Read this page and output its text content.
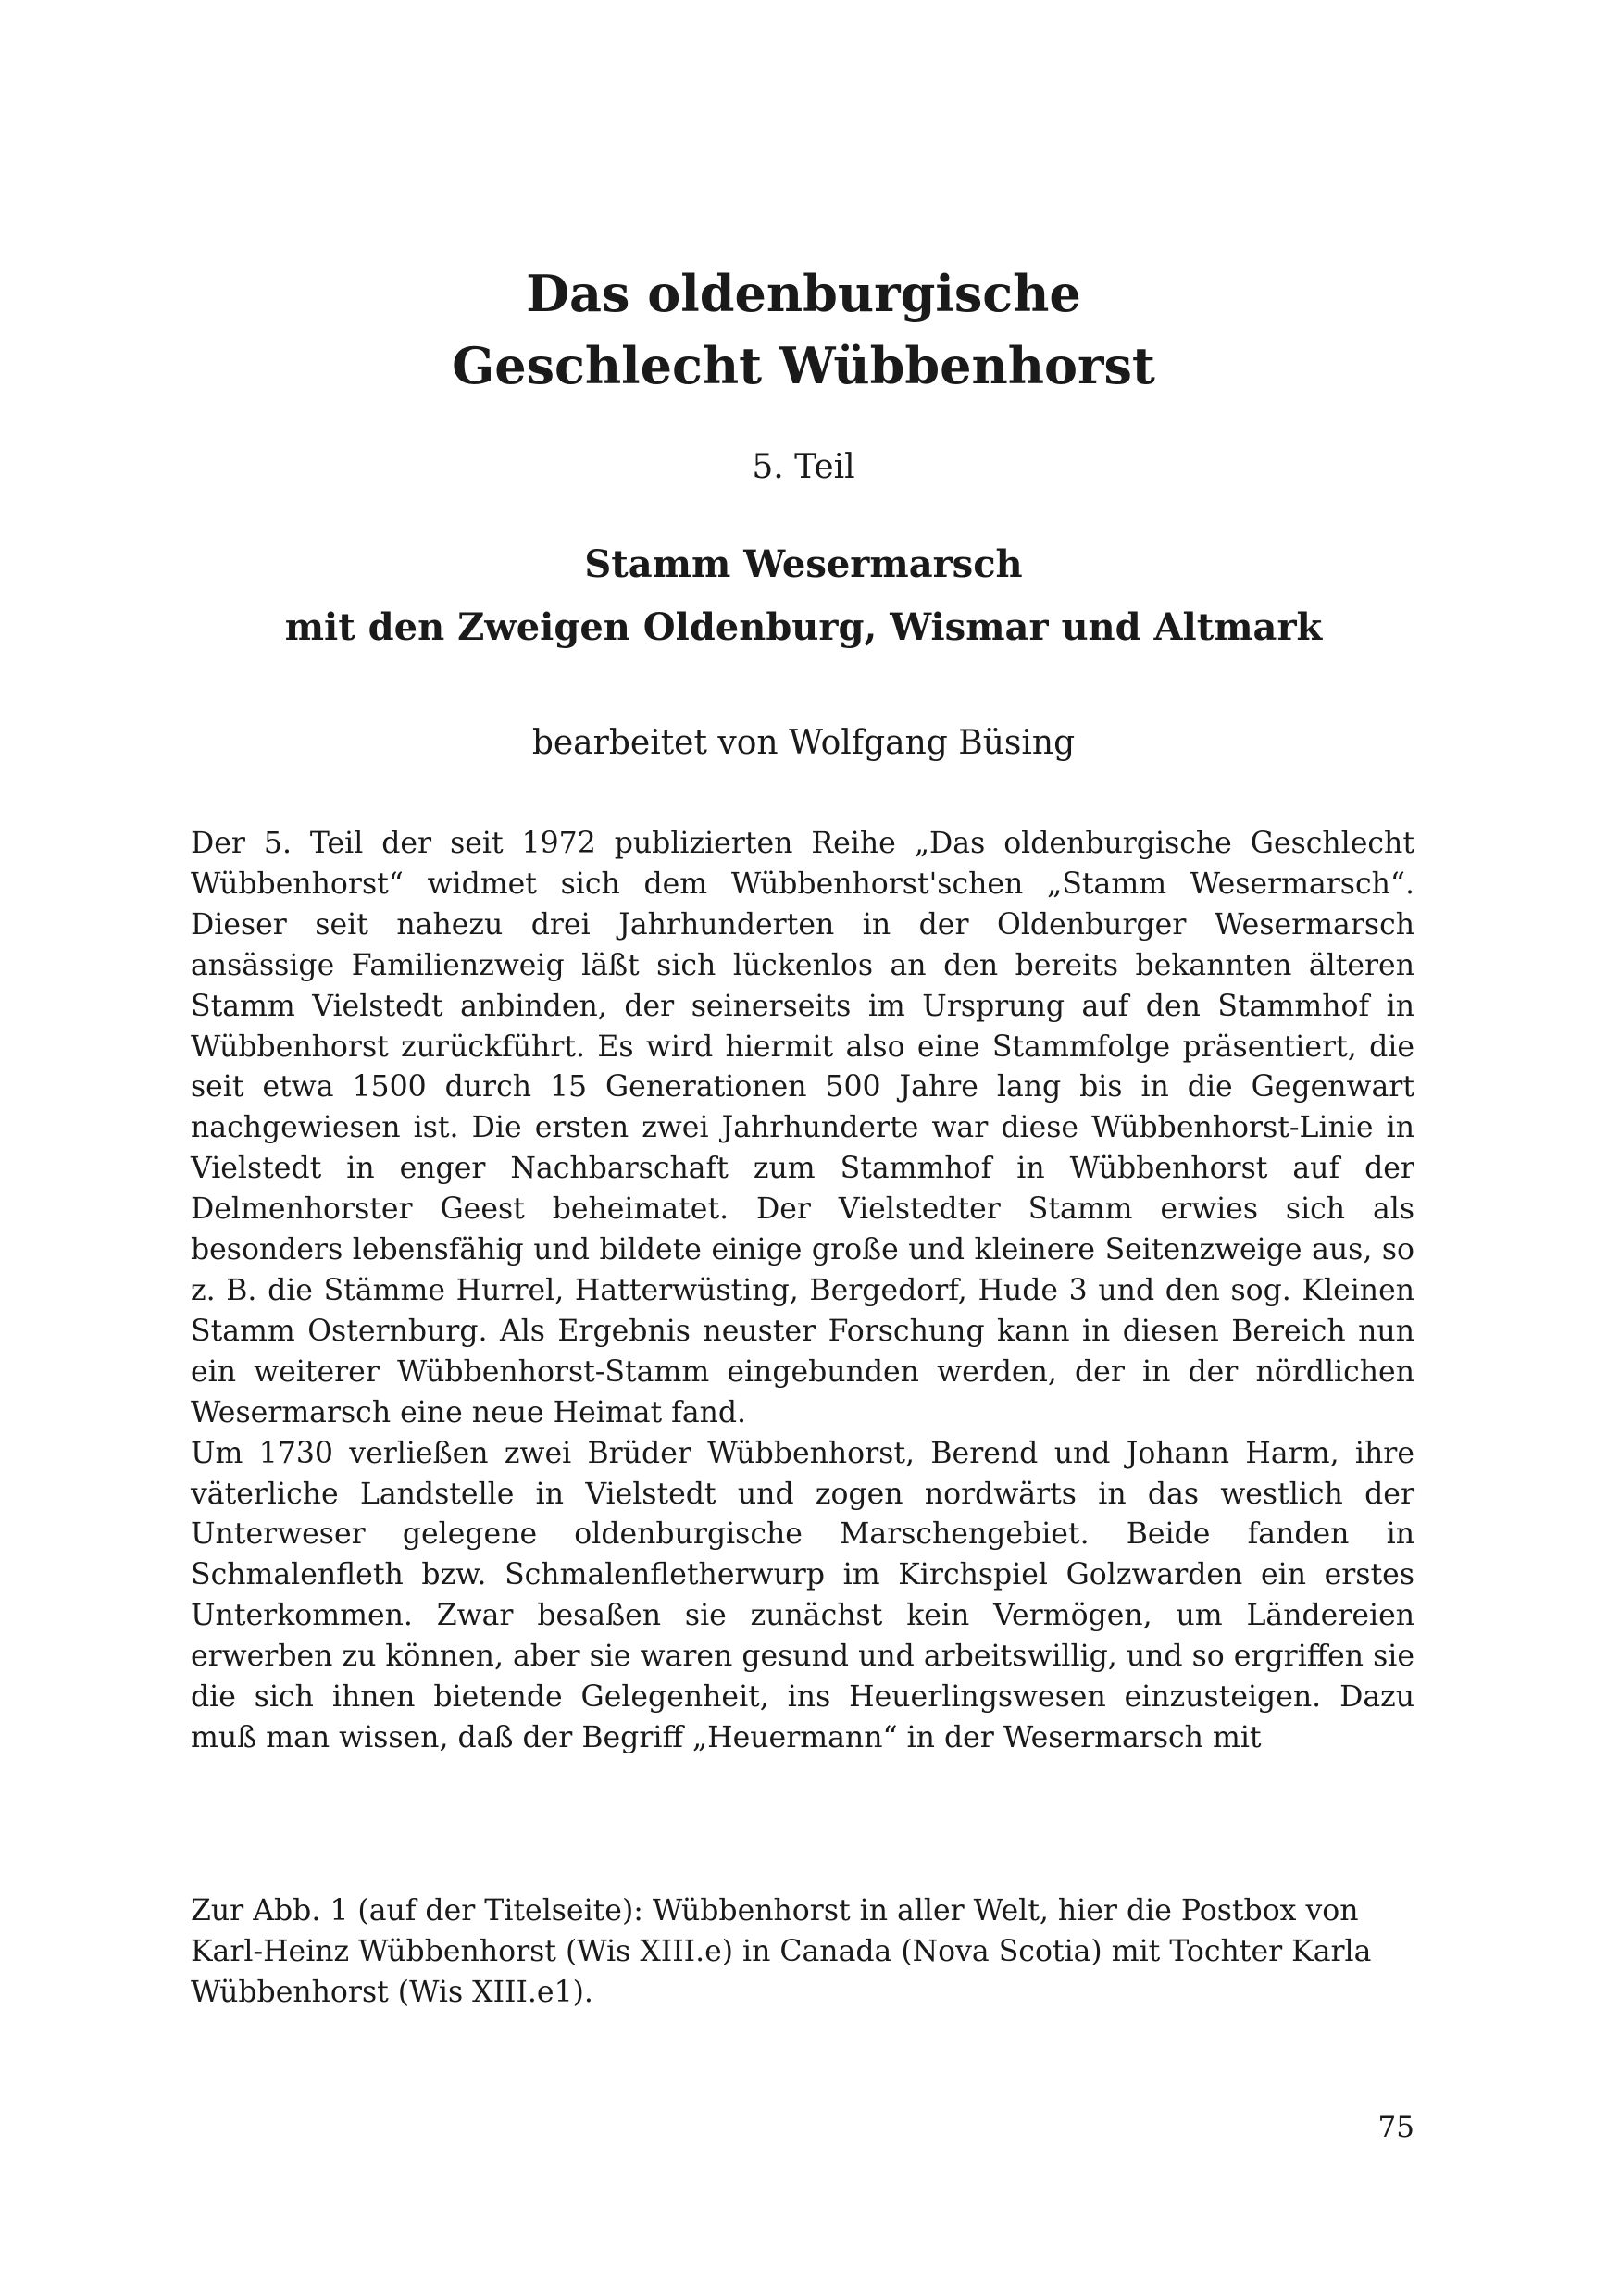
Das oldenburgische
Geschlecht Wübbenhorst
5. Teil
Stamm Wesermarsch
mit den Zweigen Oldenburg, Wismar und Altmark
bearbeitet von Wolfgang Büsing

Der 5. Teil der seit 1972 publizierten Reihe „Das oldenburgische Geschlecht Wübbenhorst“ widmet sich dem Wübbenhorst'schen „Stamm Wesermarsch“. Dieser seit nahezu drei Jahrhunderten in der Oldenburger Wesermarsch ansässige Familienzweig läßt sich lückenlos an den bereits bekannten älteren Stamm Vielstedt anbinden, der seinerseits im Ursprung auf den Stammhof in Wübbenhorst zurückführt. Es wird hiermit also eine Stammfolge präsentiert, die seit etwa 1500 durch 15 Generationen 500 Jahre lang bis in die Gegenwart nachgewiesen ist. Die ersten zwei Jahrhunderte war diese Wübbenhorst-Linie in Vielstedt in enger Nachbarschaft zum Stammhof in Wübbenhorst auf der Delmenhorster Geest beheimatet. Der Vielstedter Stamm erwies sich als besonders lebensfähig und bildete einige große und kleinere Seitenzweige aus, so z. B. die Stämme Hurrel, Hatterwüsting, Bergedorf, Hude 3 und den sog. Kleinen Stamm Osternburg. Als Ergebnis neuster Forschung kann in diesen Bereich nun ein weiterer Wübbenhorst-Stamm eingebunden werden, der in der nördlichen Wesermarsch eine neue Heimat fand.

Um 1730 verließen zwei Brüder Wübbenhorst, Berend und Johann Harm, ihre väterliche Landstelle in Vielstedt und zogen nordwärts in das westlich der Unterweser gelegene oldenburgische Marschengebiet. Beide fanden in Schmalenfleth bzw. Schmalenfletherwurp im Kirchspiel Golzwarden ein erstes Unterkommen. Zwar besaßen sie zunächst kein Vermögen, um Ländereien erwerben zu können, aber sie waren gesund und arbeitswillig, und so ergriffen sie die sich ihnen bietende Gelegenheit, ins Heuerlingswesen einzusteigen. Dazu muß man wissen, daß der Begriff „Heuermann“ in der Wesermarsch mit

Zur Abb. 1 (auf der Titelseite): Wübbenhorst in aller Welt, hier die Postbox von Karl-Heinz Wübbenhorst (Wis XIII.e) in Canada (Nova Scotia) mit Tochter Karla Wübbenhorst (Wis XIII.e1).
75
